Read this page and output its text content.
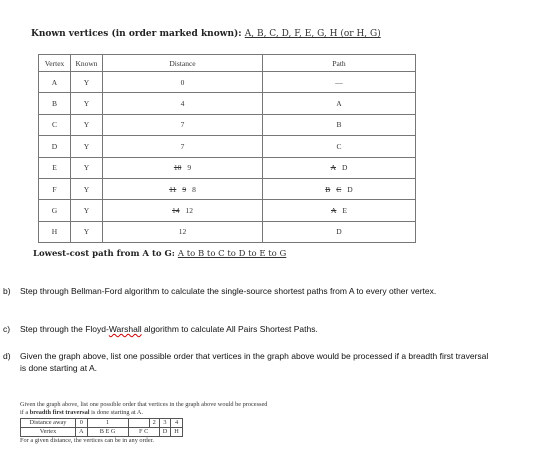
Known vertices (in order marked known): A, B, C, D, F, E, G, H (or H, G)
Vertex	Known	Distance	Path
A	Y	0	—
B	Y	4	A
C	Y	7	B
D	Y	7	C
E	Y	10 9	A D
F	Y	11 9 8	B C D
G	Y	14 12	A E
H	Y	12	D
Lowest-cost path from A to G: A to B to C to D to E to G
b) Step through Bellman-Ford algorithm to calculate the single-source shortest paths from A to every other vertex.
c) Step through the Floyd-Warshall algorithm to calculate All Pairs Shortest Paths.
d) Given the graph above, list one possible order that vertices in the graph above would be processed if a breadth first traversal is done starting at A.
Given the graph above, list one possible order that vertices in the graph above would be processed
if a breadth first traversal is done starting at A.
Distance away	0	1		2	3	4
Vertex	A	B E G	F C		D	H
For a given distance, the vertices can be in any order.
